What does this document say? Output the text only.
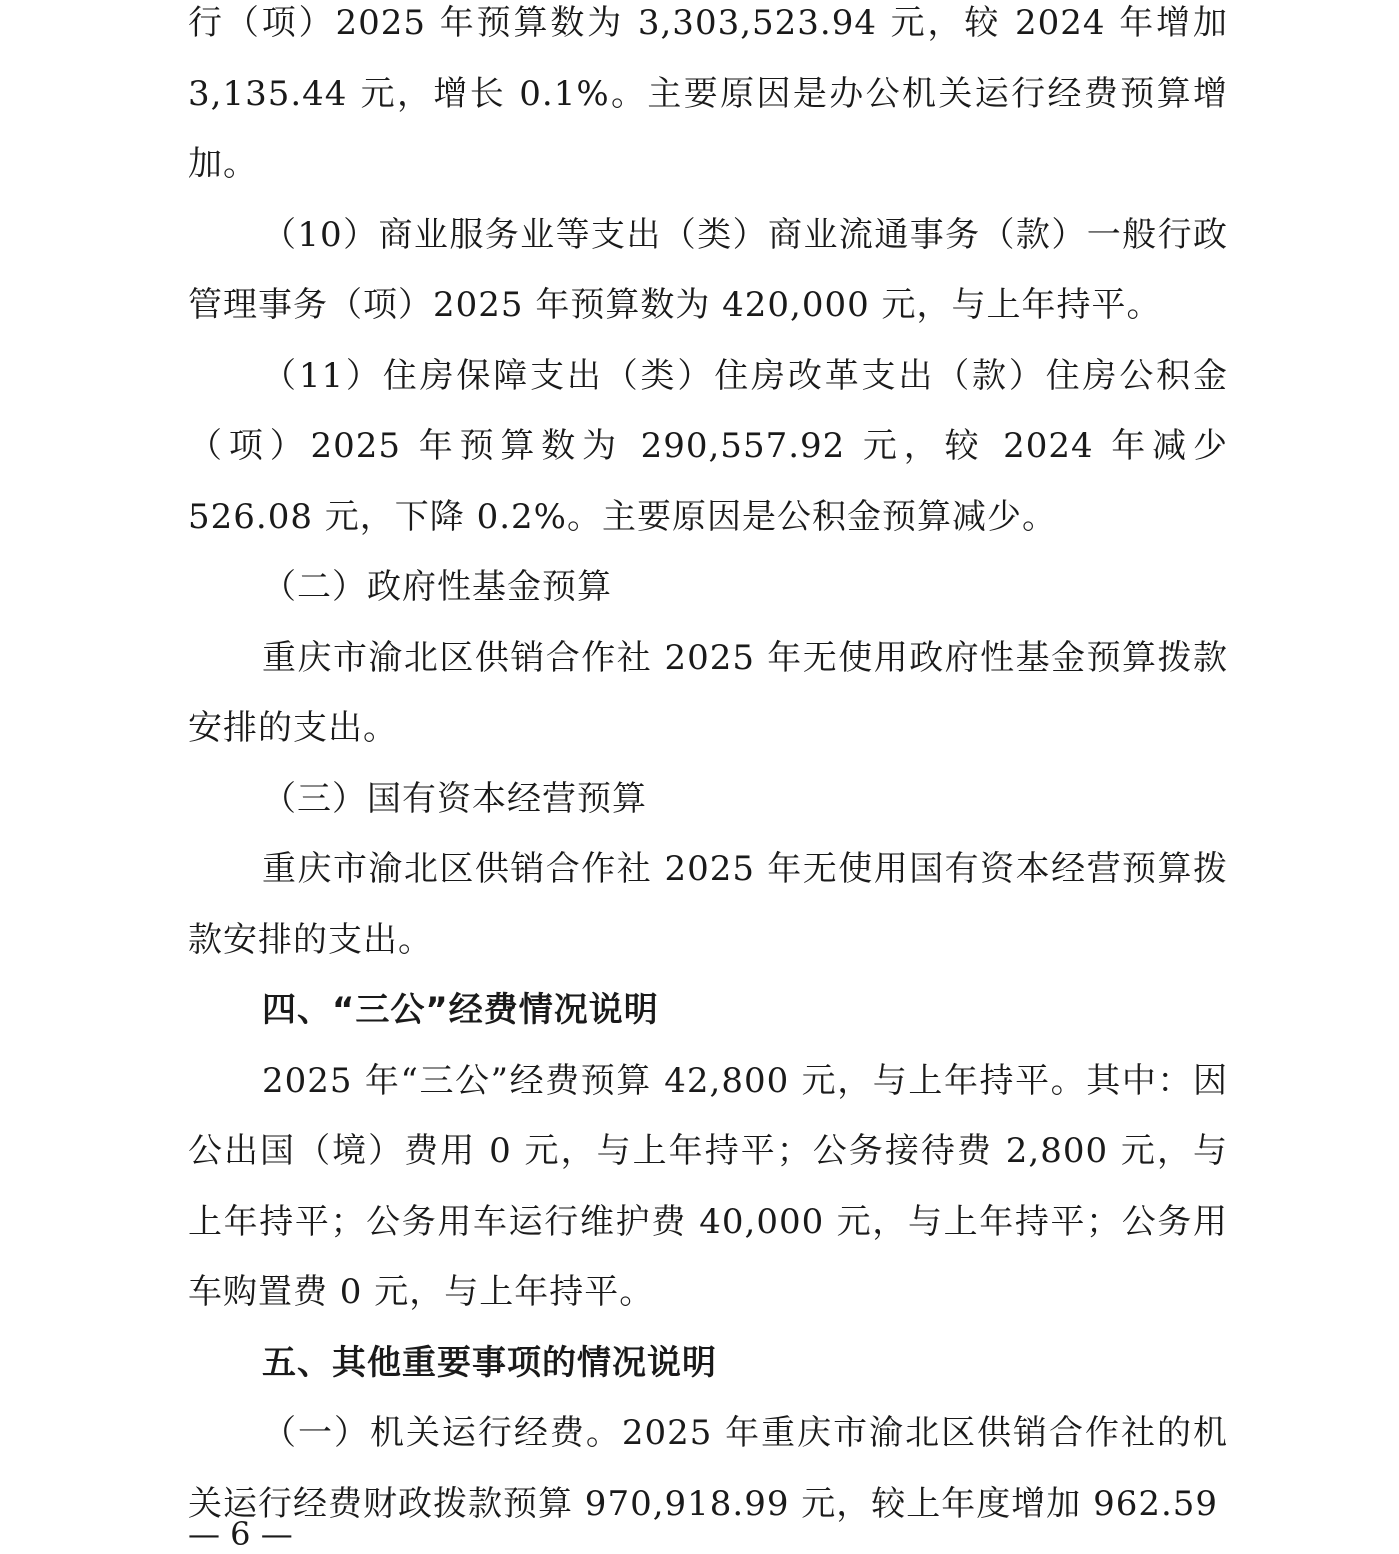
行（项）2025 年预算数为 3,303,523.94 元，较 2024 年增加3,135.44 元，增长 0.1%。主要原因是办公机关运行经费预算增加。

（10）商业服务业等支出（类）商业流通事务（款）一般行政管理事务（项）2025 年预算数为 420,000 元，与上年持平。

（11）住房保障支出（类）住房改革支出（款）住房公积金（项）2025 年预算数为 290,557.92 元，较 2024 年减少 526.08 元，下降 0.2%。主要原因是公积金预算减少。

（二）政府性基金预算

重庆市渝北区供销合作社 2025 年无使用政府性基金预算拨款安排的支出。

（三）国有资本经营预算

重庆市渝北区供销合作社 2025 年无使用国有资本经营预算拨款安排的支出。

四、“三公”经费情况说明

2025 年“三公”经费预算 42,800 元，与上年持平。其中：因公出国（境）费用 0 元，与上年持平；公务接待费 2,800 元，与上年持平；公务用车运行维护费 40,000 元，与上年持平；公务用车购置费 0 元，与上年持平。

五、其他重要事项的情况说明

（一）机关运行经费。2025 年重庆市渝北区供销合作社的机关运行经费财政拨款预算 970,918.99 元，较上年度增加 962.59

— 6 —
